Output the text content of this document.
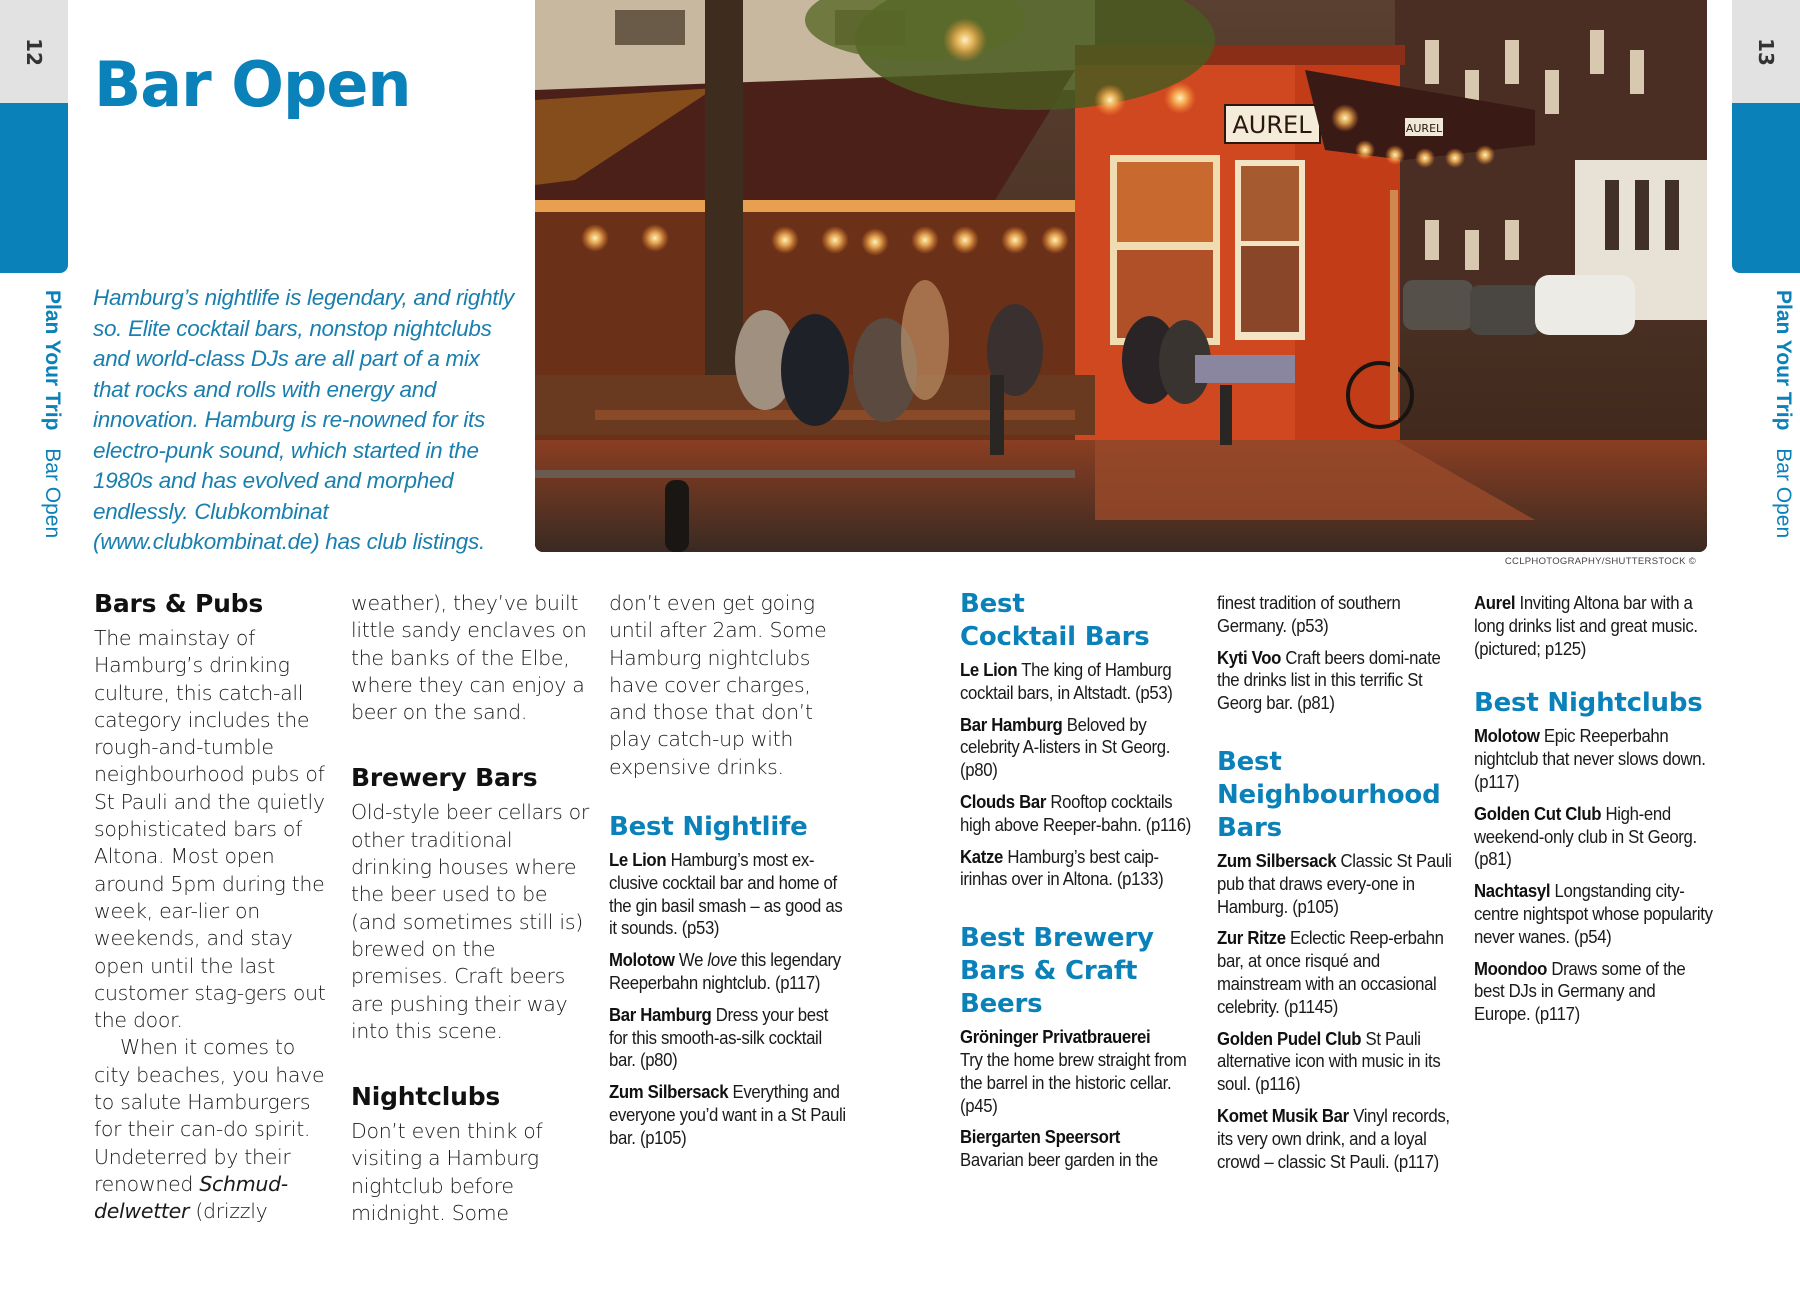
12
Plan Your Trip Bar Open
13
Plan Your Trip Bar Open
Bar Open

Hamburg’s nightlife is legendary, and rightly so. Elite cocktail bars, nonstop nightclubs and world-class DJs are all part of a mix that rocks and rolls with energy and innovation. Hamburg is re-nowned for its electro-punk sound, which started in the 1980s and has evolved and morphed endlessly. Clubkombinat (www.clubkombinat.de) has club listings.

AUREL	AUREL
CCLPHOTOGRAPHY/SHUTTERSTOCK ©
Bars & Pubs

The mainstay of Hamburg’s drinking culture, this catch-all category includes the rough-and-tumble neighbourhood pubs of St Pauli and the quietly sophisticated bars of Altona. Most open around 5pm during the week, ear-lier on weekends, and stay open until the last customer stag-gers out the door.

When it comes to city beaches, you have to salute Hamburgers for their can-do spirit. Undeterred by their renowned Schmud-delwetter (drizzly

weather), they’ve built little sandy enclaves on the banks of the Elbe, where they can enjoy a beer on the sand.

Brewery Bars

Old-style beer cellars or other traditional drinking houses where the beer used to be (and sometimes still is) brewed on the premises. Craft beers are pushing their way into this scene.

Nightclubs

Don’t even think of visiting a Hamburg nightclub before midnight. Some

don’t even get going until after 2am. Some Hamburg nightclubs have cover charges, and those that don’t play catch-up with expensive drinks.

Best Nightlife

Le Lion Hamburg’s most ex-clusive cocktail bar and home of the gin basil smash – as good as it sounds. (p53)

Molotow We love this legendary Reeperbahn nightclub. (p117)

Bar Hamburg Dress your best for this smooth-as-silk cocktail bar. (p80)

Zum Silbersack Everything and everyone you’d want in a St Pauli bar. (p105)

Best
Cocktail Bars

Le Lion The king of Hamburg cocktail bars, in Altstadt. (p53)

Bar Hamburg Beloved by celebrity A-listers in St Georg. (p80)

Clouds Bar Rooftop cocktails high above Reeper-bahn. (p116)

Katze Hamburg’s best caip-irinhas over in Altona. (p133)

Best Brewery
Bars & Craft
Beers

Gröninger Privatbrauerei
Try the home brew straight from the barrel in the historic cellar. (p45)

Biergarten Speersort
Bavarian beer garden in the

finest tradition of southern Germany. (p53)

Kyti Voo Craft beers domi-nate the drinks list in this terrific St Georg bar. (p81)

Best
Neighbourhood
Bars

Zum Silbersack Classic St Pauli pub that draws every-one in Hamburg. (p105)

Zur Ritze Eclectic Reep-erbahn bar, at once risqué and mainstream with an occasional celebrity. (p1145)

Golden Pudel Club St Pauli alternative icon with music in its soul. (p116)

Komet Musik Bar Vinyl records, its very own drink, and a loyal crowd – classic St Pauli. (p117)

Aurel Inviting Altona bar with a long drinks list and great music. (pictured; p125)

Best Nightclubs

Molotow Epic Reeperbahn nightclub that never slows down. (p117)

Golden Cut Club High-end weekend-only club in St Georg. (p81)

Nachtasyl Longstanding city-centre nightspot whose popularity never wanes. (p54)

Moondoo Draws some of the best DJs in Germany and Europe. (p117)
